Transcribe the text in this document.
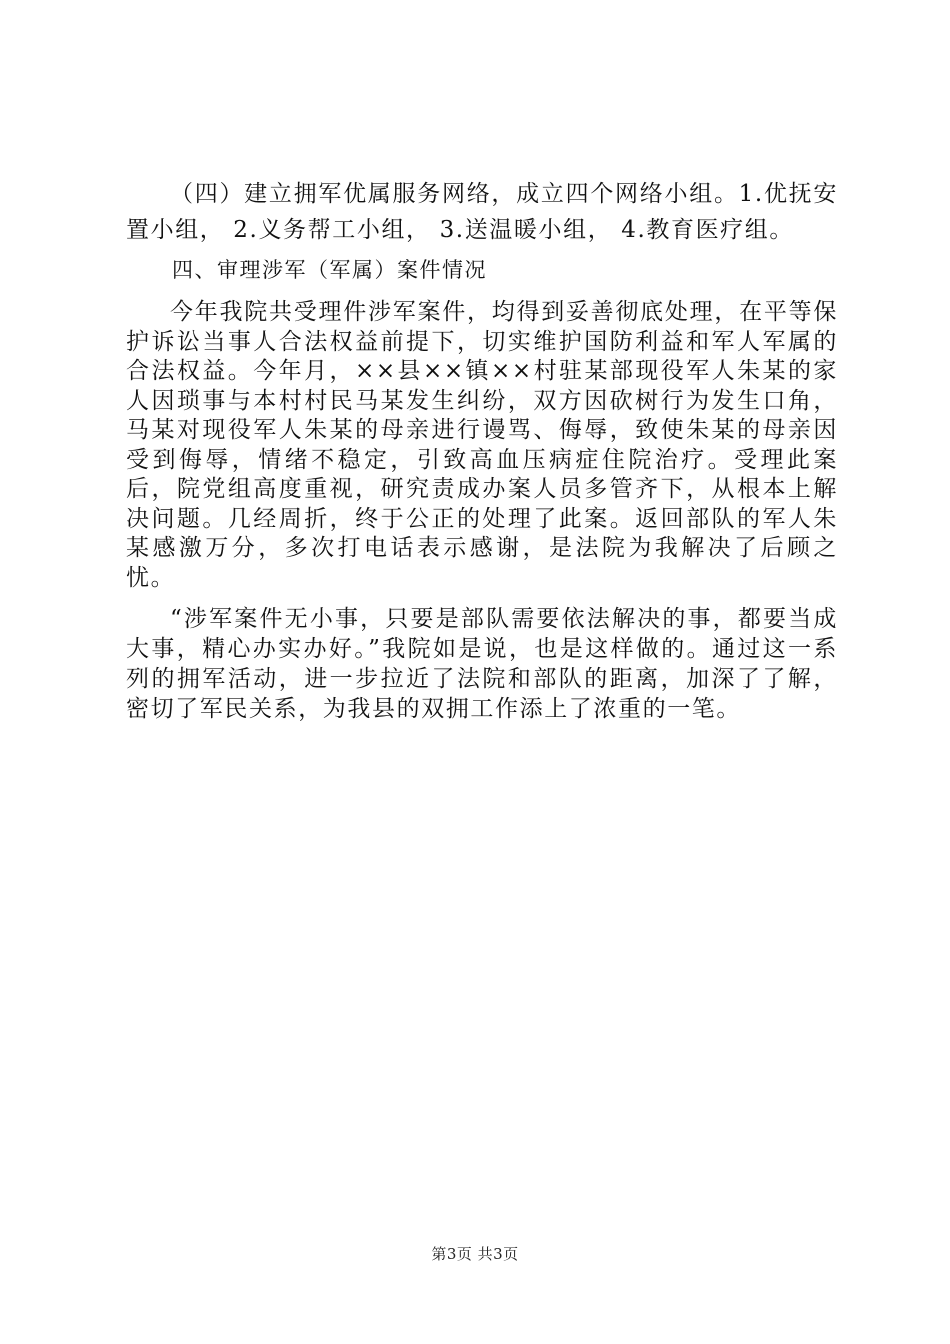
（四）建立拥军优属服务网络，成立四个网络小组。1.优抚安置小组， 2.义务帮工小组， 3.送温暖小组， 4.教育医疗组。

四、审理涉军（军属）案件情况

今年我院共受理件涉军案件，均得到妥善彻底处理，在平等保护诉讼当事人合法权益前提下，切实维护国防利益和军人军属的合法权益。今年月，××县××镇××村驻某部现役军人朱某的家人因琐事与本村村民马某发生纠纷，双方因砍树行为发生口角，马某对现役军人朱某的母亲进行谩骂、侮辱，致使朱某的母亲因受到侮辱，情绪不稳定，引致高血压病症住院治疗。受理此案后，院党组高度重视，研究责成办案人员多管齐下，从根本上解决问题。几经周折，终于公正的处理了此案。返回部队的军人朱某感激万分，多次打电话表示感谢，是法院为我解决了后顾之忧。

“涉军案件无小事，只要是部队需要依法解决的事，都要当成大事，精心办实办好。”我院如是说，也是这样做的。通过这一系列的拥军活动，进一步拉近了法院和部队的距离，加深了了解，密切了军民关系，为我县的双拥工作添上了浓重的一笔。

第3页 共3页
